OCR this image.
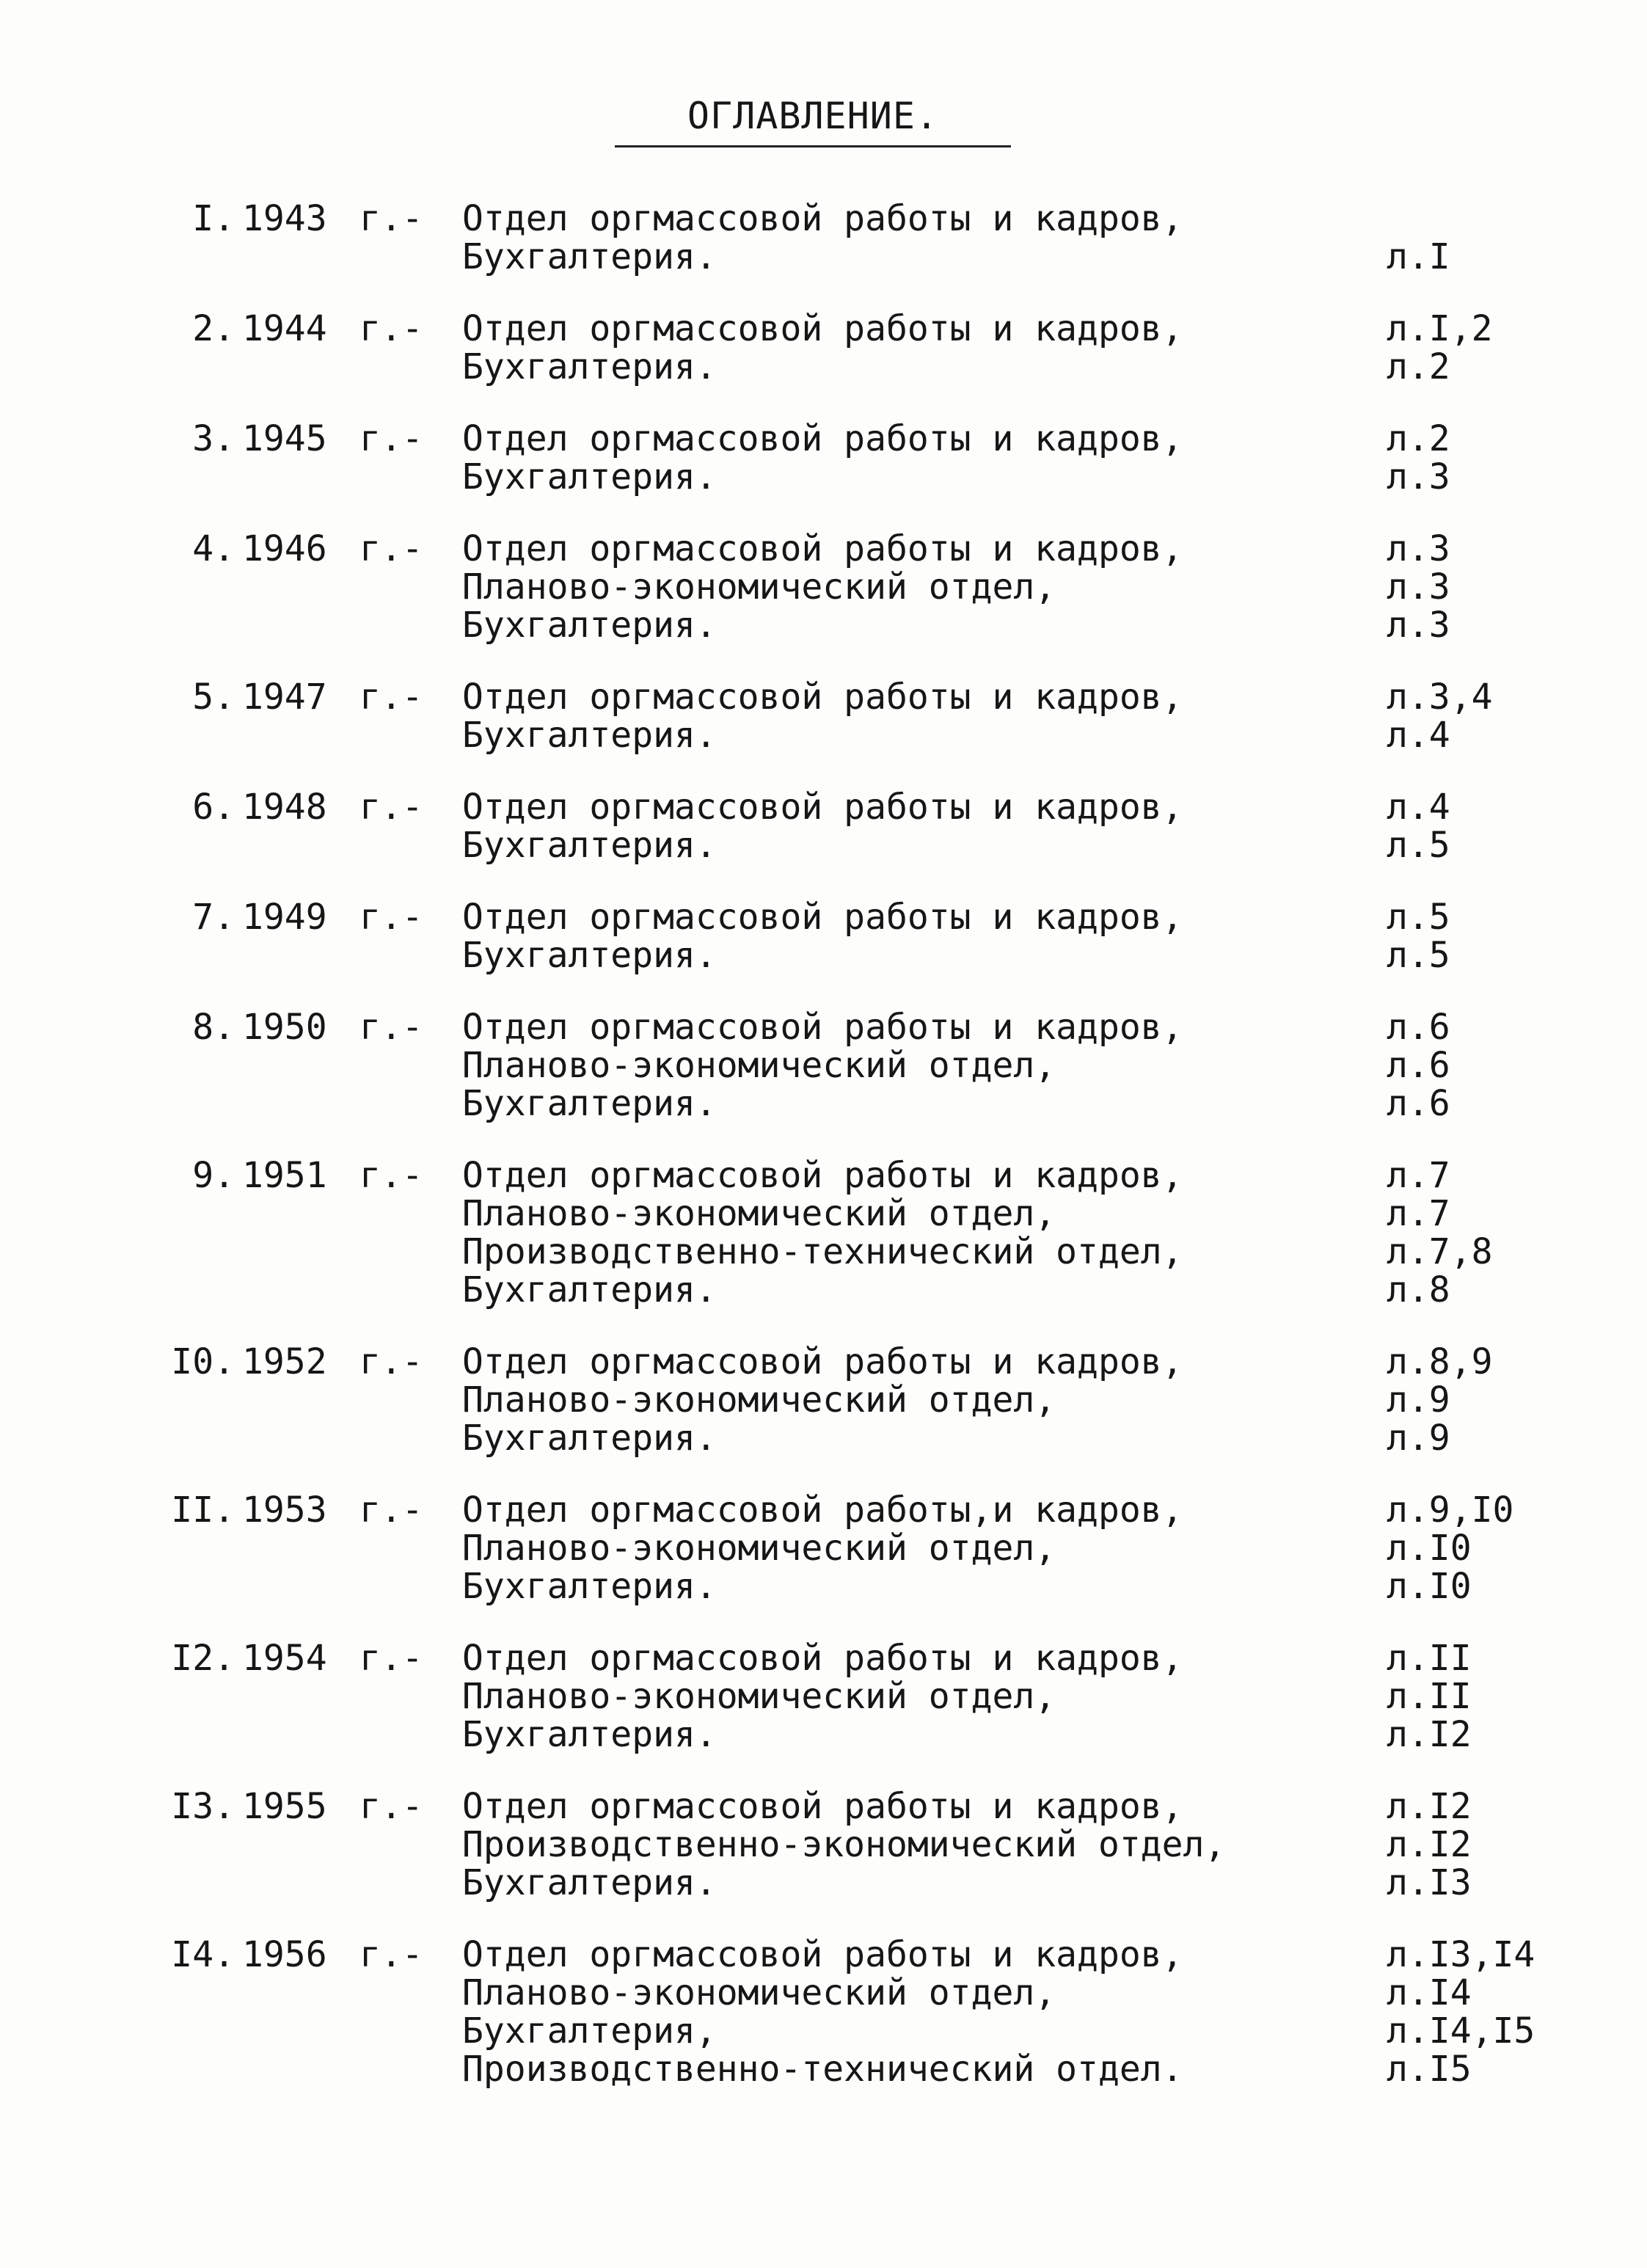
ОГЛАВЛЕНИЕ.
I. 1943 г.- Отдел оргмассовой работы и кадров,
Бухгалтерия.	л.I
2. 1944 г.- Отдел оргмассовой работы и кадров,	л.I,2
Бухгалтерия.	л.2
3. 1945 г.- Отдел оргмассовой работы и кадров,	л.2
Бухгалтерия.	л.3
4. 1946 г.- Отдел оргмассовой работы и кадров,	л.3
Планово-экономический отдел,	л.3
Бухгалтерия.	л.3
5. 1947 г.- Отдел оргмассовой работы и кадров,	л.3,4
Бухгалтерия.	л.4
6. 1948 г.- Отдел оргмассовой работы и кадров,	л.4
Бухгалтерия.	л.5
7. 1949 г.- Отдел оргмассовой работы и кадров,	л.5
Бухгалтерия.	л.5
8. 1950 г.- Отдел оргмассовой работы и кадров,	л.6
Планово-экономический отдел,	л.6
Бухгалтерия.	л.6
9. 1951 г.- Отдел оргмассовой работы и кадров,	л.7
Планово-экономический отдел,	л.7
Производственно-технический отдел,	л.7,8
Бухгалтерия.	л.8
I0. 1952 г.- Отдел оргмассовой работы и кадров,	л.8,9
Планово-экономический отдел,	л.9
Бухгалтерия.	л.9
II. 1953 г.- Отдел оргмассовой работы,и кадров,	л.9,I0
Планово-экономический отдел,	л.I0
Бухгалтерия.	л.I0
I2. 1954 г.- Отдел оргмассовой работы и кадров,	л.II
Планово-экономический отдел,	л.II
Бухгалтерия.	л.I2
I3. 1955 г.- Отдел оргмассовой работы и кадров,	л.I2
Производственно-экономический отдел,	л.I2
Бухгалтерия.	л.I3
I4. 1956 г.- Отдел оргмассовой работы и кадров,	л.I3,I4
Планово-экономический отдел,	л.I4
Бухгалтерия,	л.I4,I5
Производственно-технический отдел.	л.I5
